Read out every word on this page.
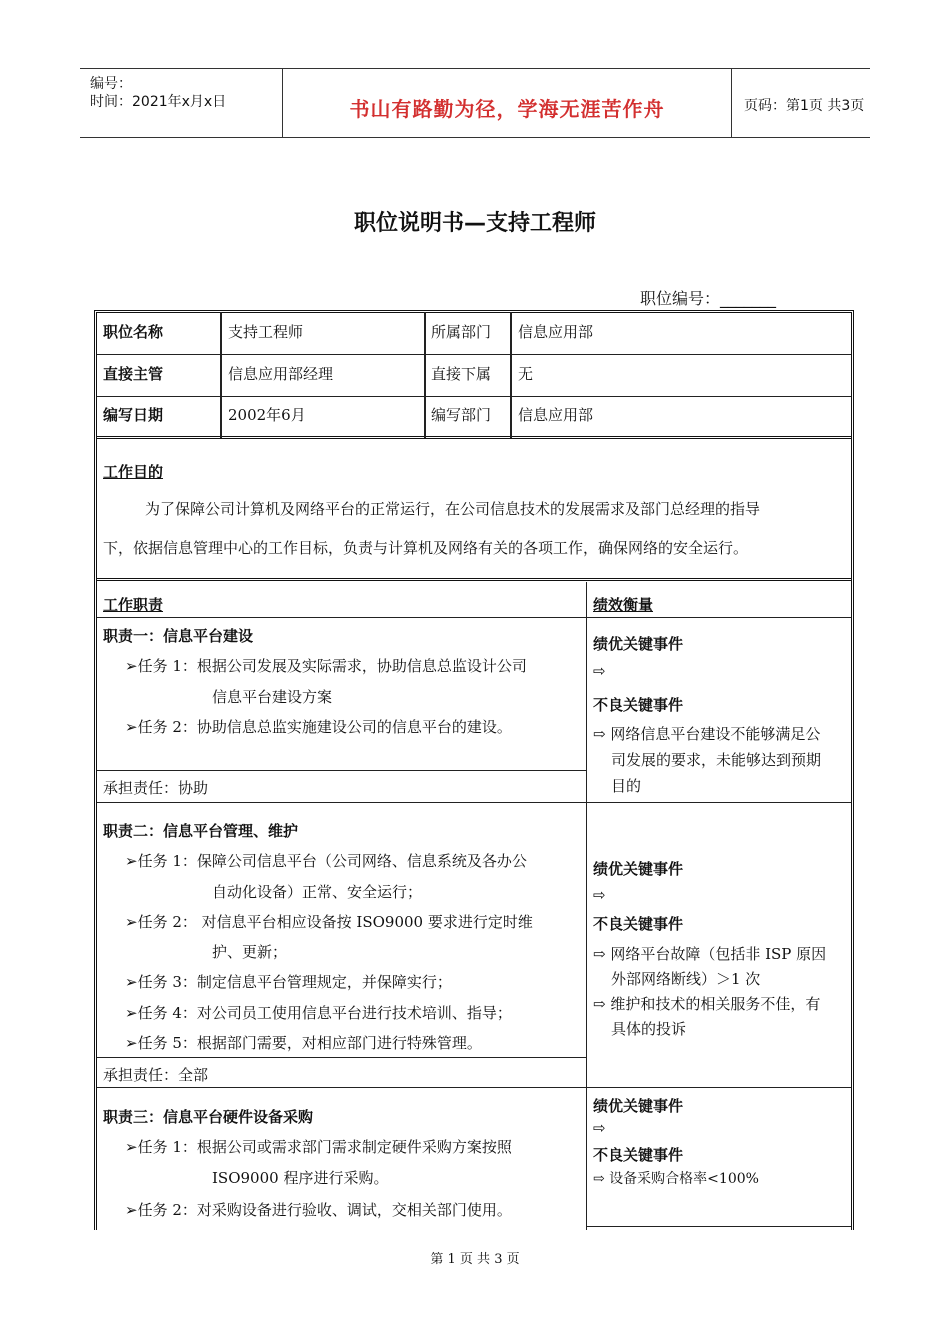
编号：
时间：2021年x月x日	书山有路勤为径，学海无涯苦作舟	页码：第1页 共3页
职位说明书—支持工程师
职位编号：_______
职位名称	支持工程师	所属部门 信息应用部
直接主管	信息应用部经理	直接下属 无
编写日期	2002年6月	编写部门 信息应用部
工作目的
为了保障公司计算机及网络平台的正常运行，在公司信息技术的发展需求及部门总经理的指导
下，依据信息管理中心的工作目标，负责与计算机及网络有关的各项工作，确保网络的安全运行。
工作职责	绩效衡量
职责一：信息平台建设
➢任务 1：根据公司发展及实际需求，协助信息总监设计公司
信息平台建设方案
➢任务 2：协助信息总监实施建设公司的信息平台的建设。
承担责任：协助
绩优关键事件
⇨
不良关键事件
⇨ 网络信息平台建设不能够满足公
司发展的要求，未能够达到预期
目的
职责二：信息平台管理、维护
➢任务 1：保障公司信息平台（公司网络、信息系统及各办公
自动化设备）正常、安全运行；
➢任务 2： 对信息平台相应设备按 ISO9000 要求进行定时维
护、更新；
➢任务 3：制定信息平台管理规定，并保障实行；
➢任务 4：对公司员工使用信息平台进行技术培训、指导；
➢任务 5：根据部门需要，对相应部门进行特殊管理。
承担责任：全部
绩优关键事件
⇨
不良关键事件
⇨ 网络平台故障（包括非 ISP 原因
外部网络断线）＞1 次
⇨ 维护和技术的相关服务不佳，有
具体的投诉
职责三：信息平台硬件设备采购
➢任务 1：根据公司或需求部门需求制定硬件采购方案按照
ISO9000 程序进行采购。
➢任务 2：对采购设备进行验收、调试，交相关部门使用。
绩优关键事件
⇨
不良关键事件
⇨ 设备采购合格率<100%
第 1 页 共 3 页
